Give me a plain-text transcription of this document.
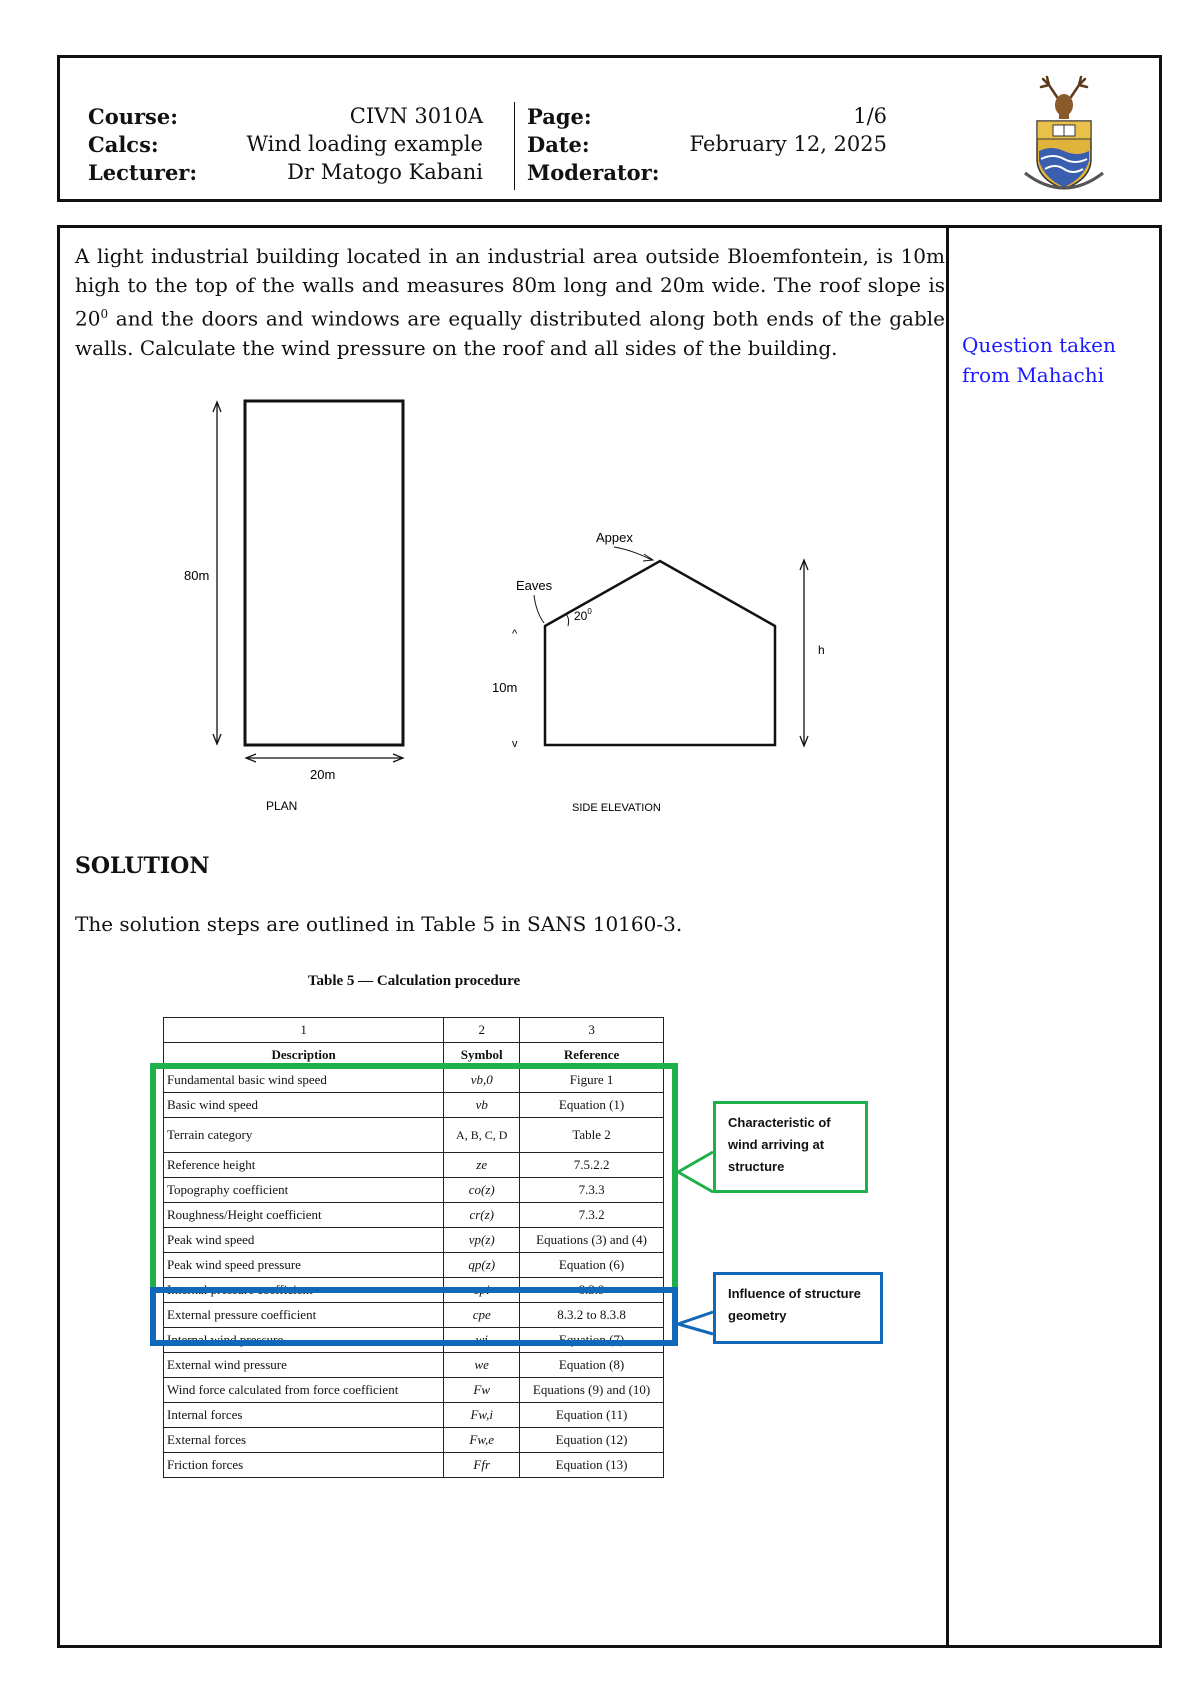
Course:	CIVN 3010A
Calcs:	Wind loading example
Lecturer:	Dr Matogo Kabani
Page:	1/6
Date:	February 12, 2025
Moderator:
Question taken from Mahachi
A light industrial building located in an industrial area outside Bloemfontein, is 10m high to the top of the walls and measures 80m long and 20m wide. The roof slope is $20^0$ and the doors and windows are equally distributed along both ends of the gable walls. Calculate the wind pressure on the roof and all sides of the building.
80m
20m
PLAN
Appex
Eaves
$20^0$
^
v
10m
h
SIDE ELEVATION
SOLUTION
The solution steps are outlined in Table 5 in SANS 10160-3.
Table 5 — Calculation procedure
1	2	3
Description	Symbol	Reference
Fundamental basic wind speed	vb,0	Figure 1
Basic wind speed	vb	Equation (1)
Terrain category	A, B, C, D	Table 2
Reference height	ze	7.5.2.2
Topography coefficient	co(z)	7.3.3
Roughness/Height coefficient	cr(z)	7.3.2
Peak wind speed	vp(z)	Equations (3) and (4)
Peak wind speed pressure	qp(z)	Equation (6)
Internal pressure coefficient	cpi	8.3.9
External pressure coefficient	cpe	8.3.2 to 8.3.8
Internal wind pressure	wi	Equation (7)
External wind pressure	we	Equation (8)
Wind force calculated from force coefficient	Fw	Equations (9) and (10)
Internal forces	Fw,i	Equation (11)
External forces	Fw,e	Equation (12)
Friction forces	Ffr	Equation (13)
Characteristic of wind arriving at structure
Influence of structure geometry
